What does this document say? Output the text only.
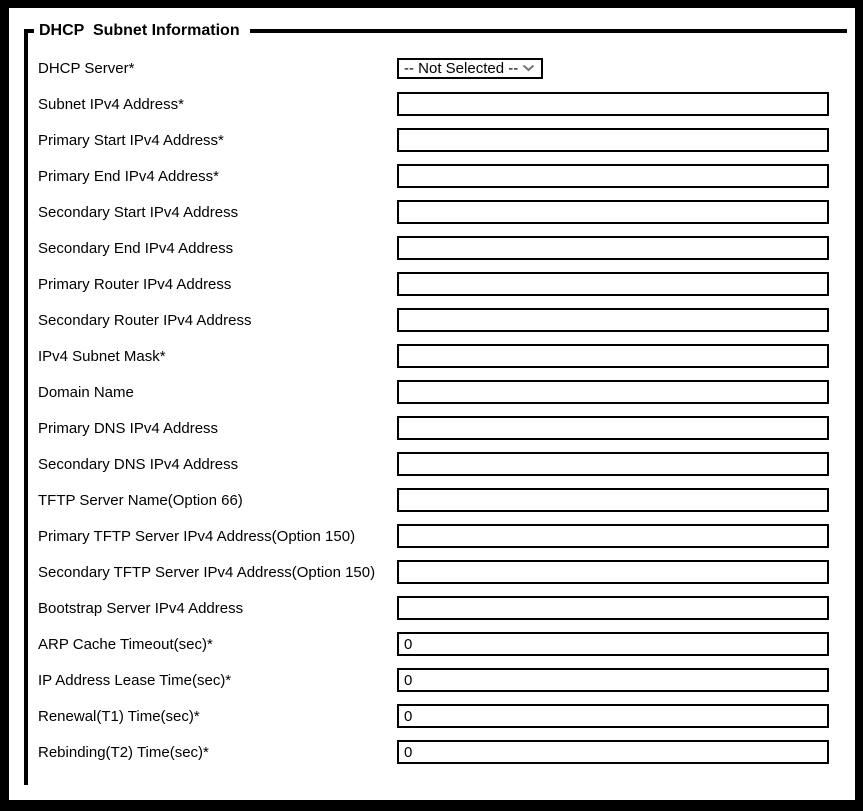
DHCP  Subnet Information
DHCP Server*
-- Not Selected --
Subnet IPv4 Address*
Primary Start IPv4 Address*
Primary End IPv4 Address*
Secondary Start IPv4 Address
Secondary End IPv4 Address
Primary Router IPv4 Address
Secondary Router IPv4 Address
IPv4 Subnet Mask*
Domain Name
Primary DNS IPv4 Address
Secondary DNS IPv4 Address
TFTP Server Name(Option 66)
Primary TFTP Server IPv4 Address(Option 150)
Secondary TFTP Server IPv4 Address(Option 150)
Bootstrap Server IPv4 Address
ARP Cache Timeout(sec)*
0
IP Address Lease Time(sec)*
0
Renewal(T1) Time(sec)*
0
Rebinding(T2) Time(sec)*
0
